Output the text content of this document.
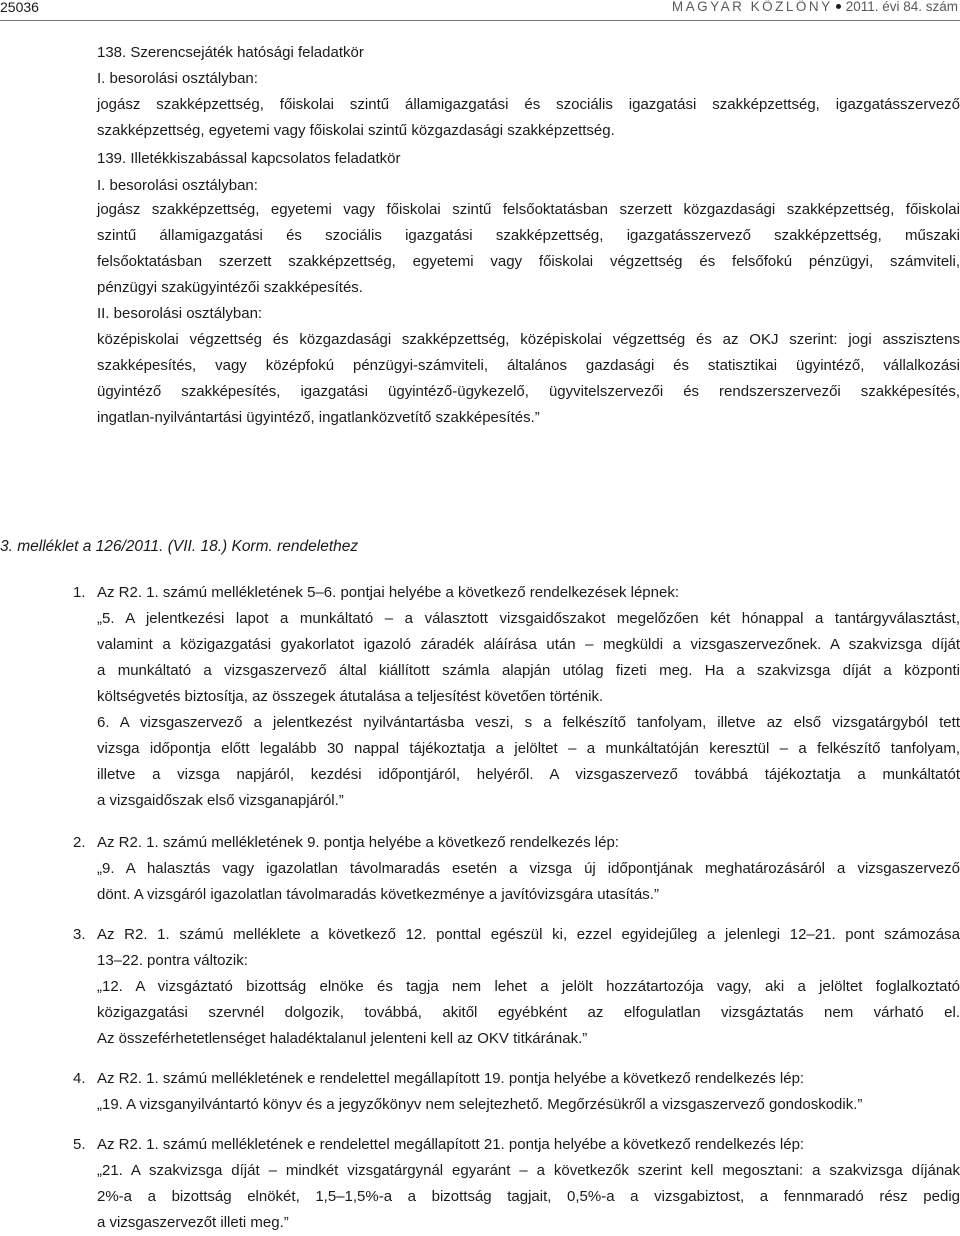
25036	MAGYAR KÖZLÖNY 2011. évi 84. szám
138. Szerencsejáték hatósági feladatkör
I. besorolási osztályban:
jogász szakképzettség, főiskolai szintű államigazgatási és szociális igazgatási szakképzettség, igazgatásszervező
szakképzettség, egyetemi vagy főiskolai szintű közgazdasági szakképzettség.
139. Illetékkiszabással kapcsolatos feladatkör
I. besorolási osztályban:
jogász szakképzettség, egyetemi vagy főiskolai szintű felsőoktatásban szerzett közgazdasági szakképzettség, főiskolai
szintű államigazgatási és szociális igazgatási szakképzettség, igazgatásszervező szakképzettség, műszaki
felsőoktatásban szerzett szakképzettség, egyetemi vagy főiskolai végzettség és felsőfokú pénzügyi, számviteli,
pénzügyi szakügyintézői szakképesítés.
II. besorolási osztályban:
középiskolai végzettség és közgazdasági szakképzettség, középiskolai végzettség és az OKJ szerint: jogi asszisztens
szakképesítés, vagy középfokú pénzügyi-számviteli, általános gazdasági és statisztikai ügyintéző, vállalkozási
ügyintéző szakképesítés, igazgatási ügyintéző-ügykezelő, ügyvitelszervezői és rendszerszervezői szakképesítés,
ingatlan-nyilvántartási ügyintéző, ingatlanközvetítő szakképesítés.”
3. melléklet a 126/2011. (VII. 18.) Korm. rendelethez
1. Az R2. 1. számú mellékletének 5–6. pontjai helyébe a következő rendelkezések lépnek:
„5. A jelentkezési lapot a munkáltató – a választott vizsgaidőszakot megelőzően két hónappal a tantárgyválasztást,
valamint a közigazgatási gyakorlatot igazoló záradék aláírása után – megküldi a vizsgaszervezőnek. A szakvizsga díját
a munkáltató a vizsgaszervező által kiállított számla alapján utólag fizeti meg. Ha a szakvizsga díját a központi
költségvetés biztosítja, az összegek átutalása a teljesítést követően történik.
6. A vizsgaszervező a jelentkezést nyilvántartásba veszi, s a felkészítő tanfolyam, illetve az első vizsgatárgyból tett
vizsga időpontja előtt legalább 30 nappal tájékoztatja a jelöltet – a munkáltatóján keresztül – a felkészítő tanfolyam,
illetve a vizsga napjáról, kezdési időpontjáról, helyéről. A vizsgaszervező továbbá tájékoztatja a munkáltatót
a vizsgaidőszak első vizsganapjáról.”
2. Az R2. 1. számú mellékletének 9. pontja helyébe a következő rendelkezés lép:
„9. A halasztás vagy igazolatlan távolmaradás esetén a vizsga új időpontjának meghatározásáról a vizsgaszervező
dönt. A vizsgáról igazolatlan távolmaradás következménye a javítóvizsgára utasítás.”
3. Az R2. 1. számú melléklete a következő 12. ponttal egészül ki, ezzel egyidejűleg a jelenlegi 12–21. pont számozása
13–22. pontra változik:
„12. A vizsgáztató bizottság elnöke és tagja nem lehet a jelölt hozzátartozója vagy, aki a jelöltet foglalkoztató
közigazgatási szervnél dolgozik, továbbá, akitől egyébként az elfogulatlan vizsgáztatás nem várható el.
Az összeférhetetlenséget haladéktalanul jelenteni kell az OKV titkárának.”
4. Az R2. 1. számú mellékletének e rendelettel megállapított 19. pontja helyébe a következő rendelkezés lép:
„19. A vizsganyilvántartó könyv és a jegyzőkönyv nem selejtezhető. Megőrzésükről a vizsgaszervező gondoskodik.”
5. Az R2. 1. számú mellékletének e rendelettel megállapított 21. pontja helyébe a következő rendelkezés lép:
„21. A szakvizsga díját – mindkét vizsgatárgynál egyaránt – a következők szerint kell megosztani: a szakvizsga díjának
2%-a a bizottság elnökét, 1,5–1,5%-a a bizottság tagjait, 0,5%-a a vizsgabiztost, a fennmaradó rész pedig
a vizsgaszervezőt illeti meg.”
